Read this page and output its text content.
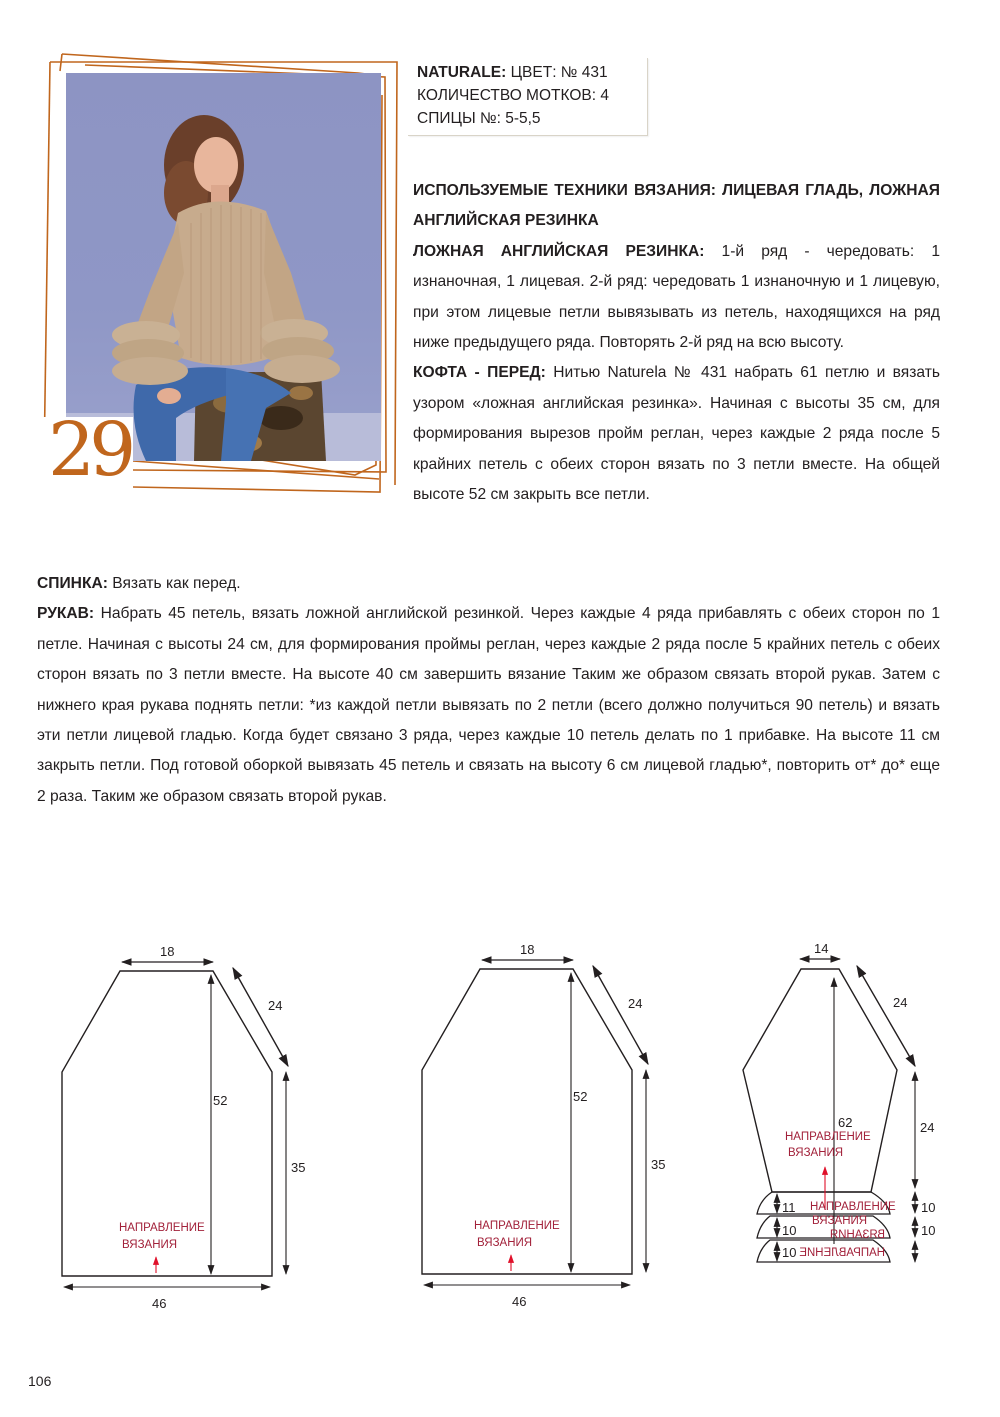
29
NATURALE: ЦВЕТ: № 431
КОЛИЧЕСТВО МОТКОВ: 4
СПИЦЫ №: 5-5,5

ИСПОЛЬЗУЕМЫЕ ТЕХНИКИ ВЯЗАНИЯ: ЛИЦЕВАЯ ГЛАДЬ, ЛОЖНАЯ АНГЛИЙСКАЯ РЕЗИНКА

ЛОЖНАЯ АНГЛИЙСКАЯ РЕЗИНКА: 1-й ряд - чередовать: 1 изнаночная, 1 лицевая. 2-й ряд: чередовать 1 изнаночную и 1 лицевую, при этом лицевые петли вывязывать из петель, находящихся на ряд ниже предыдущего ряда. Повторять 2-й ряд на всю высоту.

КОФТА - ПЕРЕД: Нитью Naturela № 431 набрать 61 петлю и вязать узором «ложная английская резинка». Начиная с высоты 35 см, для формирования вырезов пройм реглан, через каждые 2 ряда после 5 крайних петель с обеих сторон вязать по 3 петли вместе. На общей высоте 52 см закрыть все петли.

СПИНКА: Вязать как перед.

РУКАВ: Набрать 45 петель, вязать ложной английской резинкой. Через каждые 4 ряда прибавлять с обеих сторон по 1 петле. Начиная с высоты 24 см, для формирования проймы реглан, через каждые 2 ряда после 5 крайних петель с обеих сторон вязать по 3 петли вместе. На высоте 40 см завершить вязание Таким же образом связать второй рукав. Затем с нижнего края рукава поднять петли: *из каждой петли вывязать по 2 петли (всего должно получиться 90 петель) и вязать эти петли лицевой гладью. Когда будет связано 3 ряда, через каждые 10 петель делать по 1 прибавке. На высоте 11 см закрыть петли. Под готовой оборкой вывязать 45 петель и связать на высоту 6 см лицевой гладью*, повторить от* до* еще 2 раза. Таким же образом связать второй рукав.

18
24
52
35
46
НАПРАВЛЕНИЕ
ВЯЗАНИЯ
18
24
52
35
46
НАПРАВЛЕНИЕ
ВЯЗАНИЯ
14
24
62	24
11
10
10
10
10
НАПРАВЛЕНИЕ
ВЯЗАНИЯ
НАПРАВЛЕНИЕ
ВЯЗАНИЯ
ВЯЗАНИЯ
НАПРАВЛЕНИЕ
106
